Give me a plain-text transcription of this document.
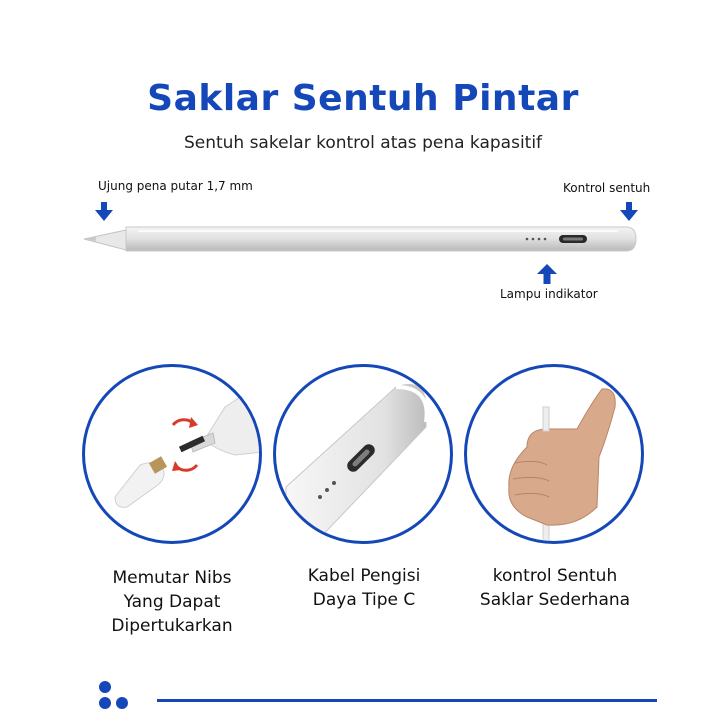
Saklar Sentuh Pintar
Sentuh sakelar kontrol atas pena kapasitif
Ujung pena putar 1,7 mm	Kontrol sentuh
Lampu indikator
Memutar Nibs
Yang Dapat
Dipertukarkan
Kabel Pengisi
Daya Tipe C
kontrol Sentuh
Saklar Sederhana
